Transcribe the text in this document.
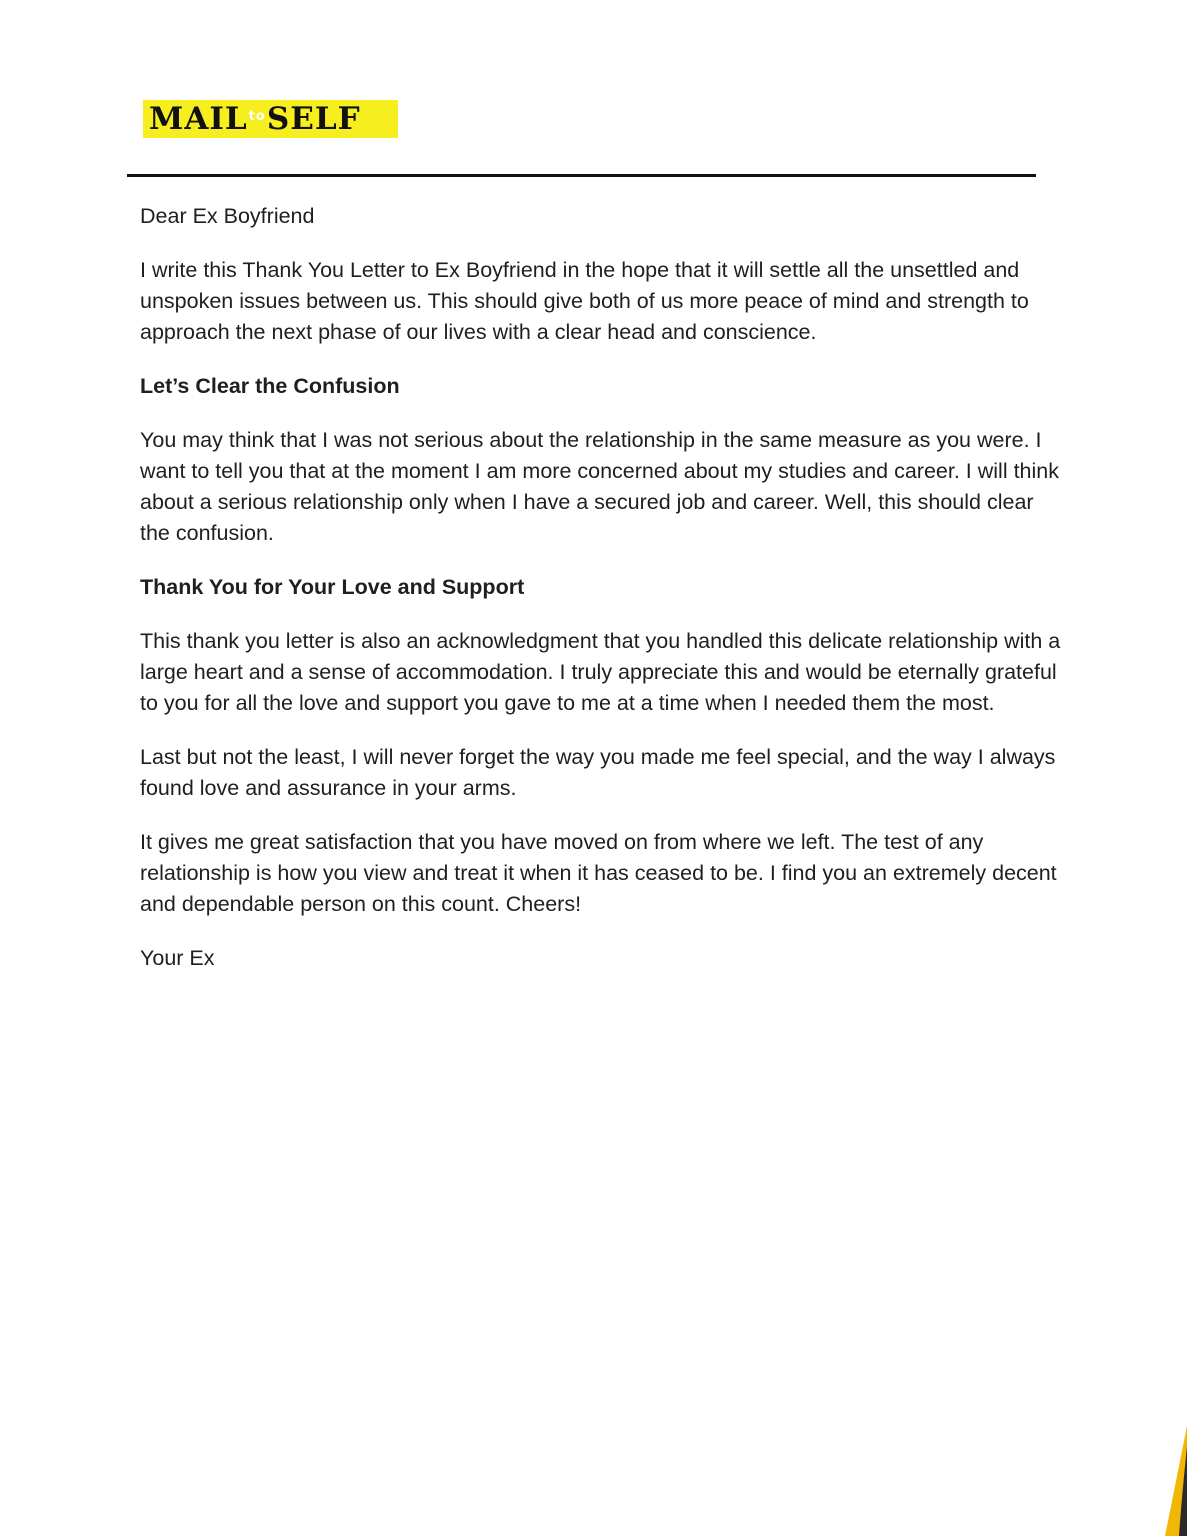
MAIL to SELF

Dear Ex Boyfriend

I write this Thank You Letter to Ex Boyfriend in the hope that it will settle all the unsettled and unspoken issues between us. This should give both of us more peace of mind and strength to approach the next phase of our lives with a clear head and conscience.

Let’s Clear the Confusion

You may think that I was not serious about the relationship in the same measure as you were. I want to tell you that at the moment I am more concerned about my studies and career. I will think about a serious relationship only when I have a secured job and career. Well, this should clear the confusion.

Thank You for Your Love and Support

This thank you letter is also an acknowledgment that you handled this delicate relationship with a large heart and a sense of accommodation. I truly appreciate this and would be eternally grateful to you for all the love and support you gave to me at a time when I needed them the most.

Last but not the least, I will never forget the way you made me feel special, and the way I always found love and assurance in your arms.

It gives me great satisfaction that you have moved on from where we left. The test of any relationship is how you view and treat it when it has ceased to be. I find you an extremely decent and dependable person on this count. Cheers!

Your Ex
